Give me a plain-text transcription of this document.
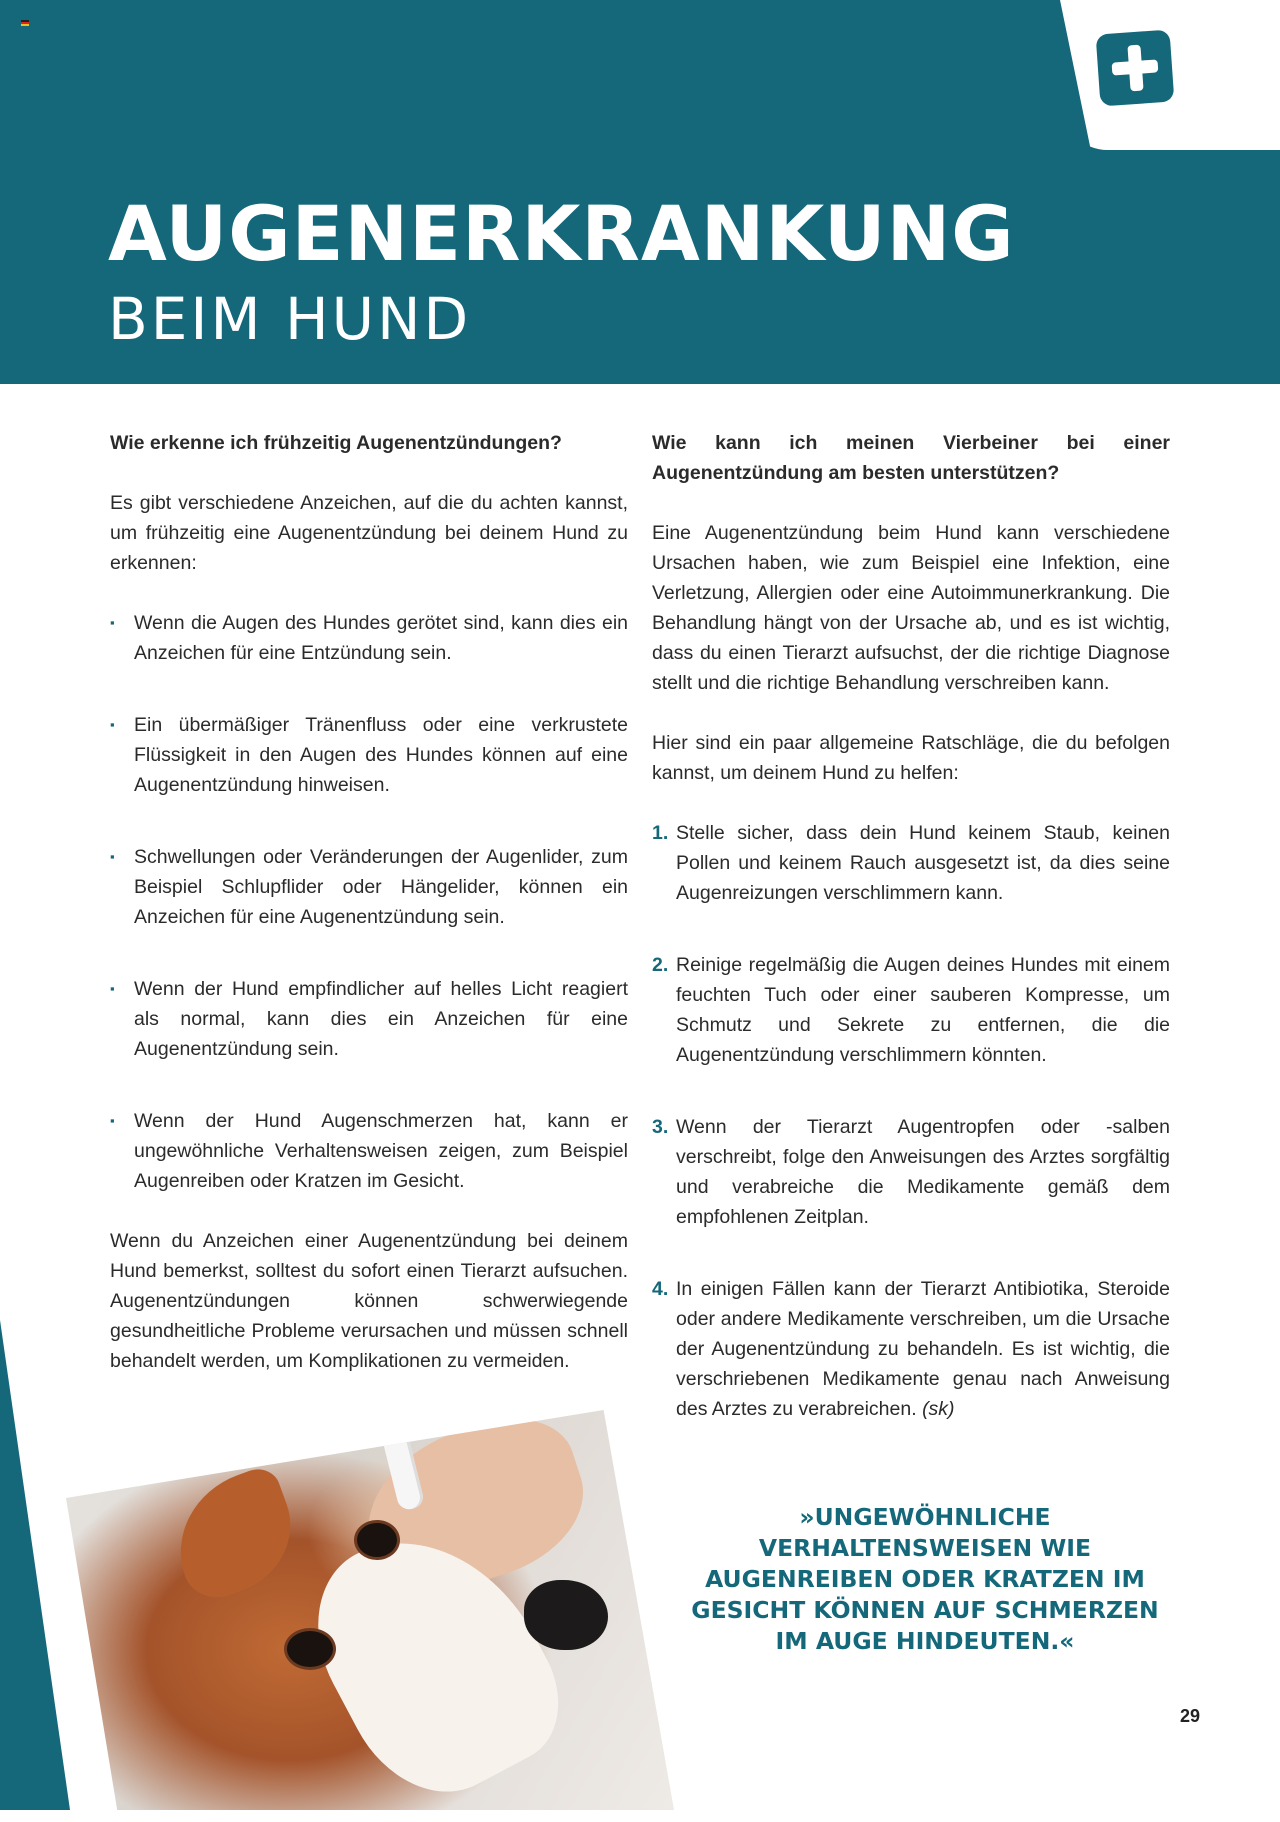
AUGENERKRANKUNG
BEIM HUND

Wie erkenne ich frühzeitig Augenentzündungen?

Es gibt verschiedene Anzeichen, auf die du achten kannst, um frühzeitig eine Augenentzündung bei deinem Hund zu erkennen:

▪ Wenn die Augen des Hundes gerötet sind, kann dies ein Anzeichen für eine Entzündung sein.
▪ Ein übermäßiger Tränenfluss oder eine verkrustete Flüssigkeit in den Augen des Hundes können auf eine Augenentzündung hinweisen.
▪ Schwellungen oder Veränderungen der Augenlider, zum Beispiel Schlupflider oder Hängelider, können ein Anzeichen für eine Augenentzündung sein.
▪ Wenn der Hund empfindlicher auf helles Licht reagiert als normal, kann dies ein Anzeichen für eine Augenentzündung sein.
▪ Wenn der Hund Augenschmerzen hat, kann er ungewöhnliche Verhaltensweisen zeigen, zum Beispiel Augenreiben oder Kratzen im Gesicht.

Wenn du Anzeichen einer Augenentzündung bei deinem Hund bemerkst, solltest du sofort einen Tierarzt aufsuchen. Augenentzündungen können schwerwiegende gesundheitliche Probleme verursachen und müssen schnell behandelt werden, um Komplikationen zu vermeiden.

Wie kann ich meinen Vierbeiner bei einer Augenentzündung am besten unterstützen?

Eine Augenentzündung beim Hund kann verschiedene Ursachen haben, wie zum Beispiel eine Infektion, eine Verletzung, Allergien oder eine Autoimmunerkrankung. Die Behandlung hängt von der Ursache ab, und es ist wichtig, dass du einen Tierarzt aufsuchst, der die richtige Diagnose stellt und die richtige Behandlung verschreiben kann.

Hier sind ein paar allgemeine Ratschläge, die du befolgen kannst, um deinem Hund zu helfen:

1. Stelle sicher, dass dein Hund keinem Staub, keinen Pollen und keinem Rauch ausgesetzt ist, da dies seine Augenreizungen verschlimmern kann.
2. Reinige regelmäßig die Augen deines Hundes mit einem feuchten Tuch oder einer sauberen Kompresse, um Schmutz und Sekrete zu entfernen, die die Augenentzündung verschlimmern könnten.
3. Wenn der Tierarzt Augentropfen oder -salben verschreibt, folge den Anweisungen des Arztes sorgfältig und verabreiche die Medikamente gemäß dem empfohlenen Zeitplan.
4. In einigen Fällen kann der Tierarzt Antibiotika, Steroide oder andere Medikamente verschreiben, um die Ursache der Augenentzündung zu behandeln. Es ist wichtig, die verschriebenen Medikamente genau nach Anweisung des Arztes zu verabreichen. (sk)

»UNGEWÖHNLICHE VERHALTENSWEISEN WIE AUGENREIBEN ODER KRATZEN IM GESICHT KÖNNEN AUF SCHMERZEN IM AUGE HINDEUTEN.«

29
